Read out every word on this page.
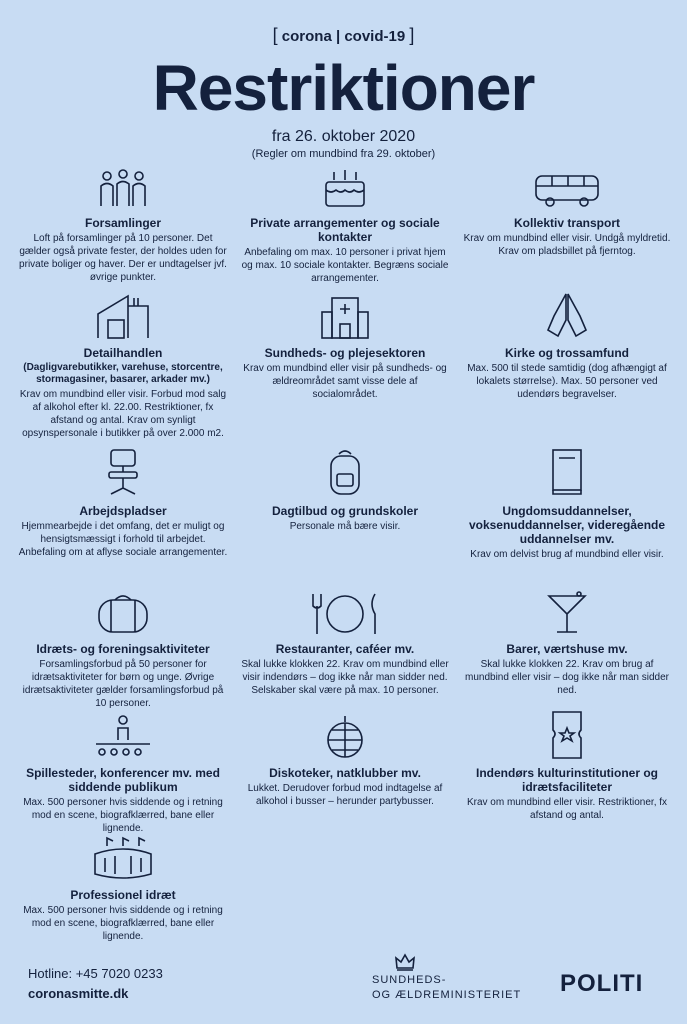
[ corona | covid-19 ]
Restriktioner
fra 26. oktober 2020
(Regler om mundbind fra 29. oktober)
Forsamlinger

Loft på forsamlinger på 10 personer. Det gælder også private fester, der holdes uden for private boliger og haver. Der er undtagelser jvf. øvrige punkter.

Private arrangementer og sociale kontakter

Anbefaling om max. 10 personer i privat hjem og max. 10 sociale kontakter. Begræns sociale arrangementer.

Kollektiv transport

Krav om mundbind eller visir. Undgå myldretid. Krav om pladsbillet på fjerntog.

Detailhandlen
(Dagligvarebutikker, varehuse, storcentre, stormagasiner, basarer, arkader mv.)

Krav om mundbind eller visir. Forbud mod salg af alkohol efter kl. 22.00. Restriktioner, fx afstand og antal. Krav om synligt opsynspersonale i butikker på over 2.000 m2.

Sundheds- og plejesektoren

Krav om mundbind eller visir på sundheds- og ældreområdet samt visse dele af socialområdet.

Kirke og trossamfund

Max. 500 til stede samtidig (dog afhængigt af lokalets størrelse). Max. 50 personer ved udendørs begravelser.

Arbejdspladser

Hjemmearbejde i det omfang, det er muligt og hensigtsmæssigt i forhold til arbejdet. Anbefaling om at aflyse sociale arrangementer.

Dagtilbud og grundskoler

Personale må bære visir.

Ungdomsuddannelser, voksenuddannelser, videregående uddannelser mv.

Krav om delvist brug af mundbind eller visir.

Idræts- og foreningsaktiviteter

Forsamlingsforbud på 50 personer for idrætsaktiviteter for børn og unge. Øvrige idrætsaktiviteter gælder forsamlingsforbud på 10 personer.

Restauranter, caféer mv.

Skal lukke klokken 22. Krav om mundbind eller visir indendørs – dog ikke når man sidder ned. Selskaber skal være på max. 10 personer.

Barer, værtshuse mv.

Skal lukke klokken 22. Krav om brug af mundbind eller visir – dog ikke når man sidder ned.

Spillesteder, konferencer mv. med siddende publikum

Max. 500 personer hvis siddende og i retning mod en scene, biografklærred, bane eller lignende.

Diskoteker, natklubber mv.

Lukket. Derudover forbud mod indtagelse af alkohol i busser – herunder partybusser.

Indendørs kulturinstitutioner og idrætsfaciliteter

Krav om mundbind eller visir. Restriktioner, fx afstand og antal.

Professionel idræt

Max. 500 personer hvis siddende og i retning mod en scene, biografklærred, bane eller lignende.

Hotline: +45 7020 0233
coronasmitte.dk
SUNDHEDS-
OG ÆLDREMINISTERIET	POLITI
